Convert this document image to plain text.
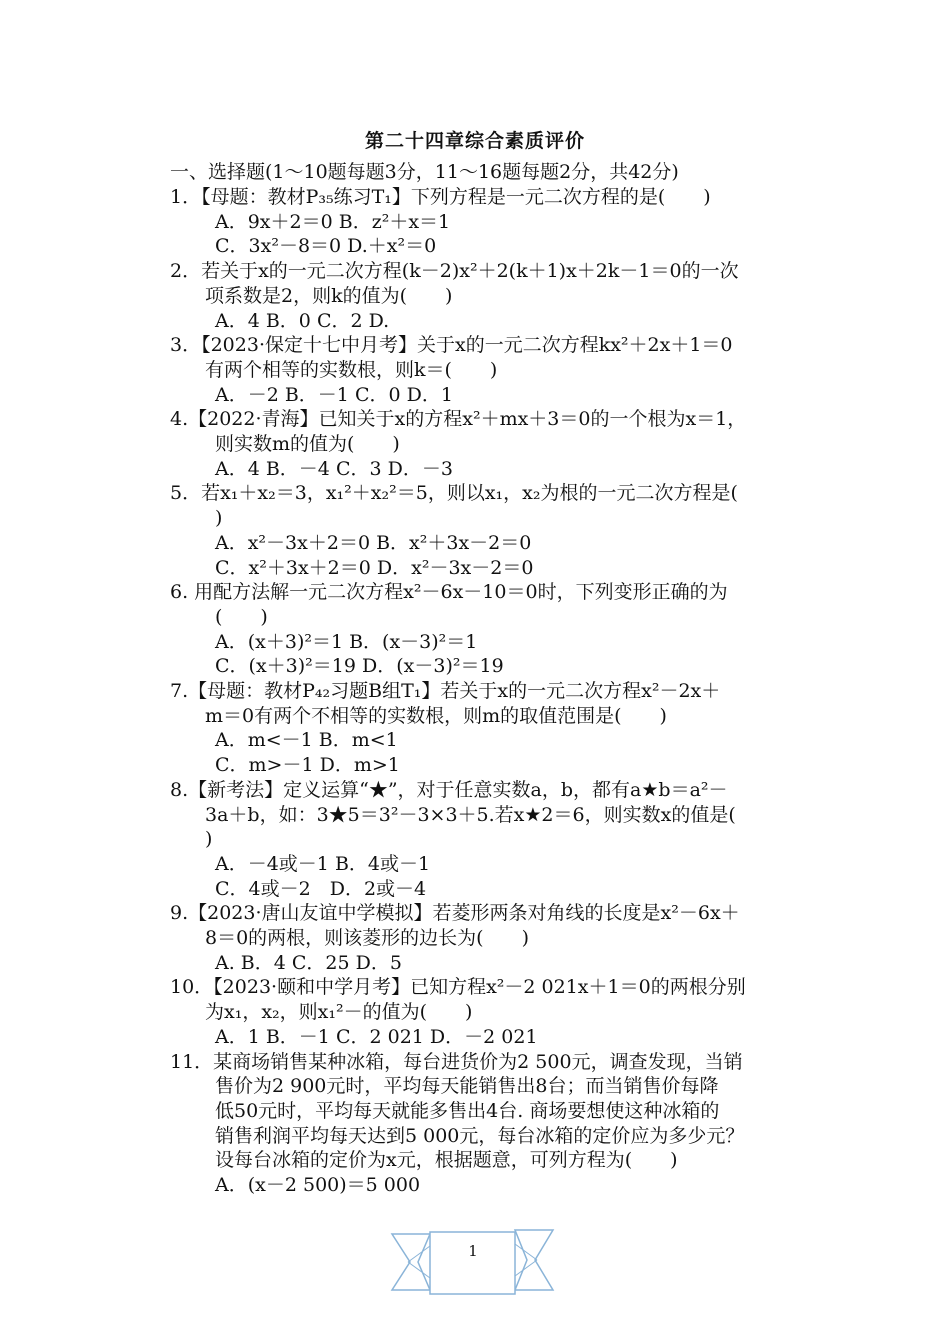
第二十四章综合素质评价
一、选择题(1～10题每题3分，11～16题每题2分，共42分)
1．【母题：教材P₃₅练习T₁】下列方程是一元二次方程的是(　　)
A．9x＋2＝0 B．z²＋x＝1
C．3x²－8＝0 D.＋x²＝0
2．若关于x的一元二次方程(k－2)x²＋2(k＋1)x＋2k－1＝0的一次
项系数是2，则k的值为(　　)
A．4 B．0 C．2 D.
3．【2023·保定十七中月考】关于x的一元二次方程kx²＋2x＋1＝0
有两个相等的实数根，则k＝(　　)
A．－2 B．－1 C．0 D．1
4.【2022·青海】已知关于x的方程x²＋mx＋3＝0的一个根为x＝1，
则实数m的值为(　　)
A．4 B．－4 C．3 D．－3
5．若x₁＋x₂＝3，x₁²＋x₂²＝5，则以x₁，x₂为根的一元二次方程是(
)
A．x²－3x＋2＝0 B．x²＋3x－2＝0
C．x²＋3x＋2＝0 D．x²－3x－2＝0
6. 用配方法解一元二次方程x²－6x－10＝0时，下列变形正确的为
(　　)
A．(x＋3)²＝1 B．(x－3)²＝1
C．(x＋3)²＝19 D．(x－3)²＝19
7.【母题：教材P₄₂习题B组T₁】若关于x的一元二次方程x²－2x＋
m＝0有两个不相等的实数根，则m的取值范围是(　　)
A．m<－1 B．m<1
C．m>－1 D．m>1
8.【新考法】定义运算“★”，对于任意实数a，b，都有a★b＝a²－
3a＋b，如：3★5＝3²－3×3＋5.若x★2＝6，则实数x的值是(
)
A．－4或－1 B．4或－1
C．4或－2　D．2或－4
9.【2023·唐山友谊中学模拟】若菱形两条对角线的长度是x²－6x＋
8＝0的两根，则该菱形的边长为(　　)
A. B．4 C．25 D．5
10．【2023·颐和中学月考】已知方程x²－2 021x＋1＝0的两根分别
为x₁，x₂，则x₁²－的值为(　　)
A．1 B．－1 C．2 021 D．－2 021
11．某商场销售某种冰箱，每台进货价为2 500元，调查发现，当销
售价为2 900元时，平均每天能销售出8台；而当销售价每降
低50元时，平均每天就能多售出4台. 商场要想使这种冰箱的
销售利润平均每天达到5 000元，每台冰箱的定价应为多少元？
设每台冰箱的定价为x元，根据题意，可列方程为(　　)
A．(x－2 500)＝5 000
1
